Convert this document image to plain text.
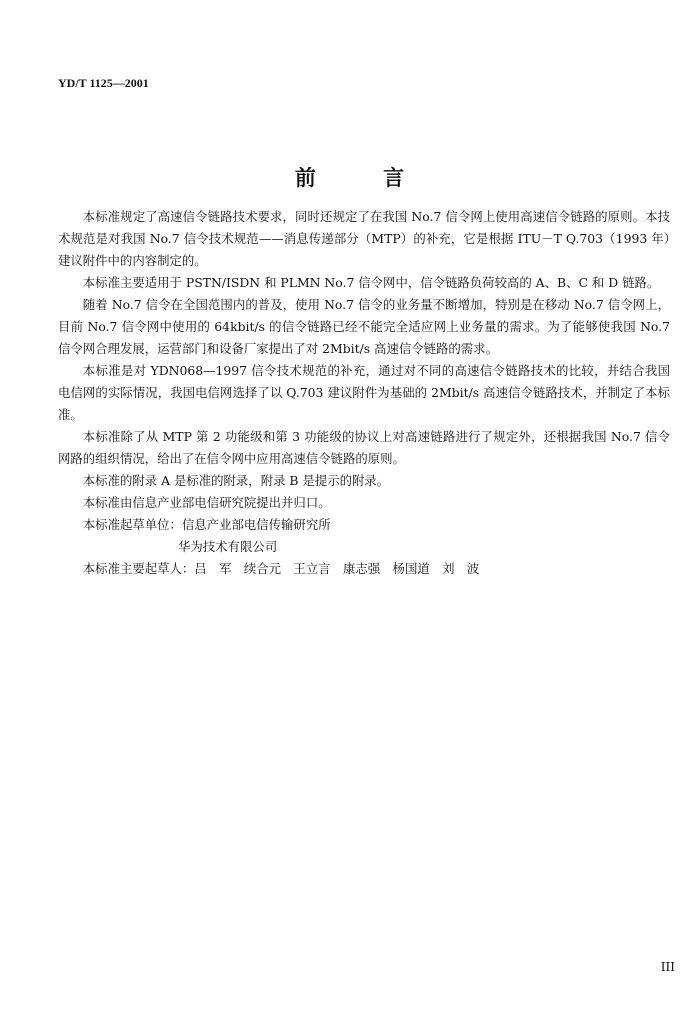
YD/T 1125—2001
前 言

本标准规定了高速信令链路技术要求，同时还规定了在我国 No.7 信令网上使用高速信令链路的原则。本技术规范是对我国 No.7 信令技术规范——消息传递部分（MTP）的补充，它是根据 ITU－T Q.703（1993 年）建议附件中的内容制定的。

本标准主要适用于 PSTN/ISDN 和 PLMN No.7 信令网中，信令链路负荷较高的 A、B、C 和 D 链路。

随着 No.7 信令在全国范围内的普及，使用 No.7 信令的业务量不断增加，特别是在移动 No.7 信令网上，目前 No.7 信令网中使用的 64kbit/s 的信令链路已经不能完全适应网上业务量的需求。为了能够使我国 No.7 信令网合理发展，运营部门和设备厂家提出了对 2Mbit/s 高速信令链路的需求。

本标准是对 YDN068—1997 信令技术规范的补充，通过对不同的高速信令链路技术的比较，并结合我国电信网的实际情况，我国电信网选择了以 Q.703 建议附件为基础的 2Mbit/s 高速信令链路技术，并制定了本标准。

本标准除了从 MTP 第 2 功能级和第 3 功能级的协议上对高速链路进行了规定外，还根据我国 No.7 信令网路的组织情况，给出了在信令网中应用高速信令链路的原则。

本标准的附录 A 是标准的附录，附录 B 是提示的附录。

本标准由信息产业部电信研究院提出并归口。

本标准起草单位：信息产业部电信传输研究所

华为技术有限公司

本标准主要起草人：吕　军　续合元　王立言　康志强　杨国道　刘　波

III
